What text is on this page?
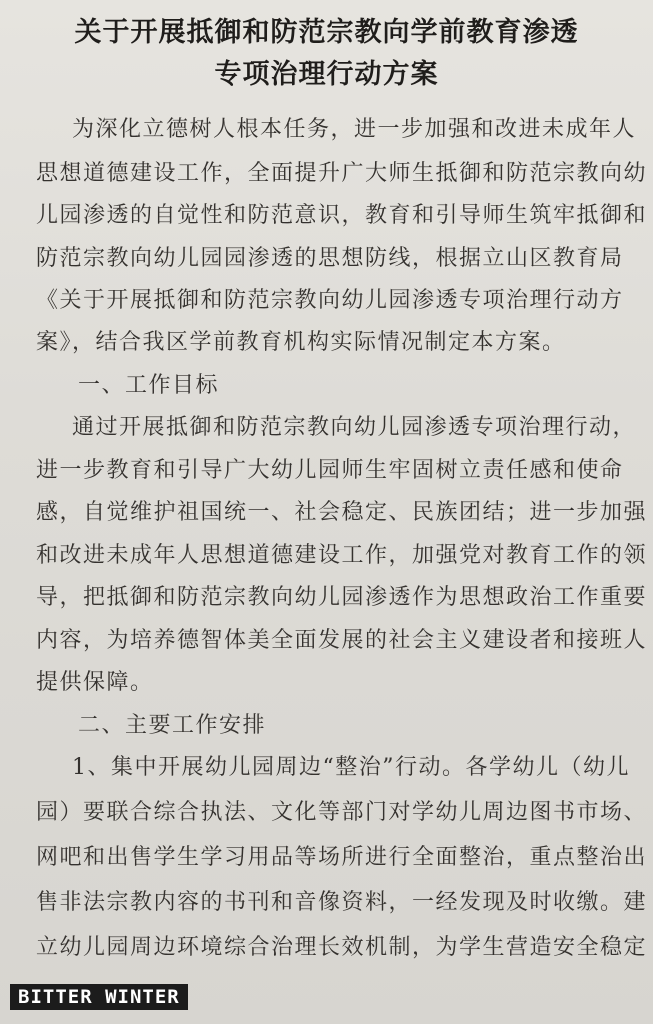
关于开展抵御和防范宗教向学前教育渗透
专项治理行动方案
为深化立德树人根本任务，进一步加强和改进未成年人
思想道德建设工作，全面提升广大师生抵御和防范宗教向幼
儿园渗透的自觉性和防范意识，教育和引导师生筑牢抵御和
防范宗教向幼儿园园渗透的思想防线，根据立山区教育局
《关于开展抵御和防范宗教向幼儿园渗透专项治理行动方
案》，结合我区学前教育机构实际情况制定本方案。
一、工作目标
通过开展抵御和防范宗教向幼儿园渗透专项治理行动，
进一步教育和引导广大幼儿园师生牢固树立责任感和使命
感，自觉维护祖国统一、社会稳定、民族团结；进一步加强
和改进未成年人思想道德建设工作，加强党对教育工作的领
导，把抵御和防范宗教向幼儿园渗透作为思想政治工作重要
内容，为培养德智体美全面发展的社会主义建设者和接班人
提供保障。
二、主要工作安排
1、集中开展幼儿园周边“整治”行动。各学幼儿（幼儿
园）要联合综合执法、文化等部门对学幼儿周边图书市场、
网吧和出售学生学习用品等场所进行全面整治，重点整治出
售非法宗教内容的书刊和音像资料，一经发现及时收缴。建
立幼儿园周边环境综合治理长效机制，为学生营造安全稳定
BITTER WINTER
